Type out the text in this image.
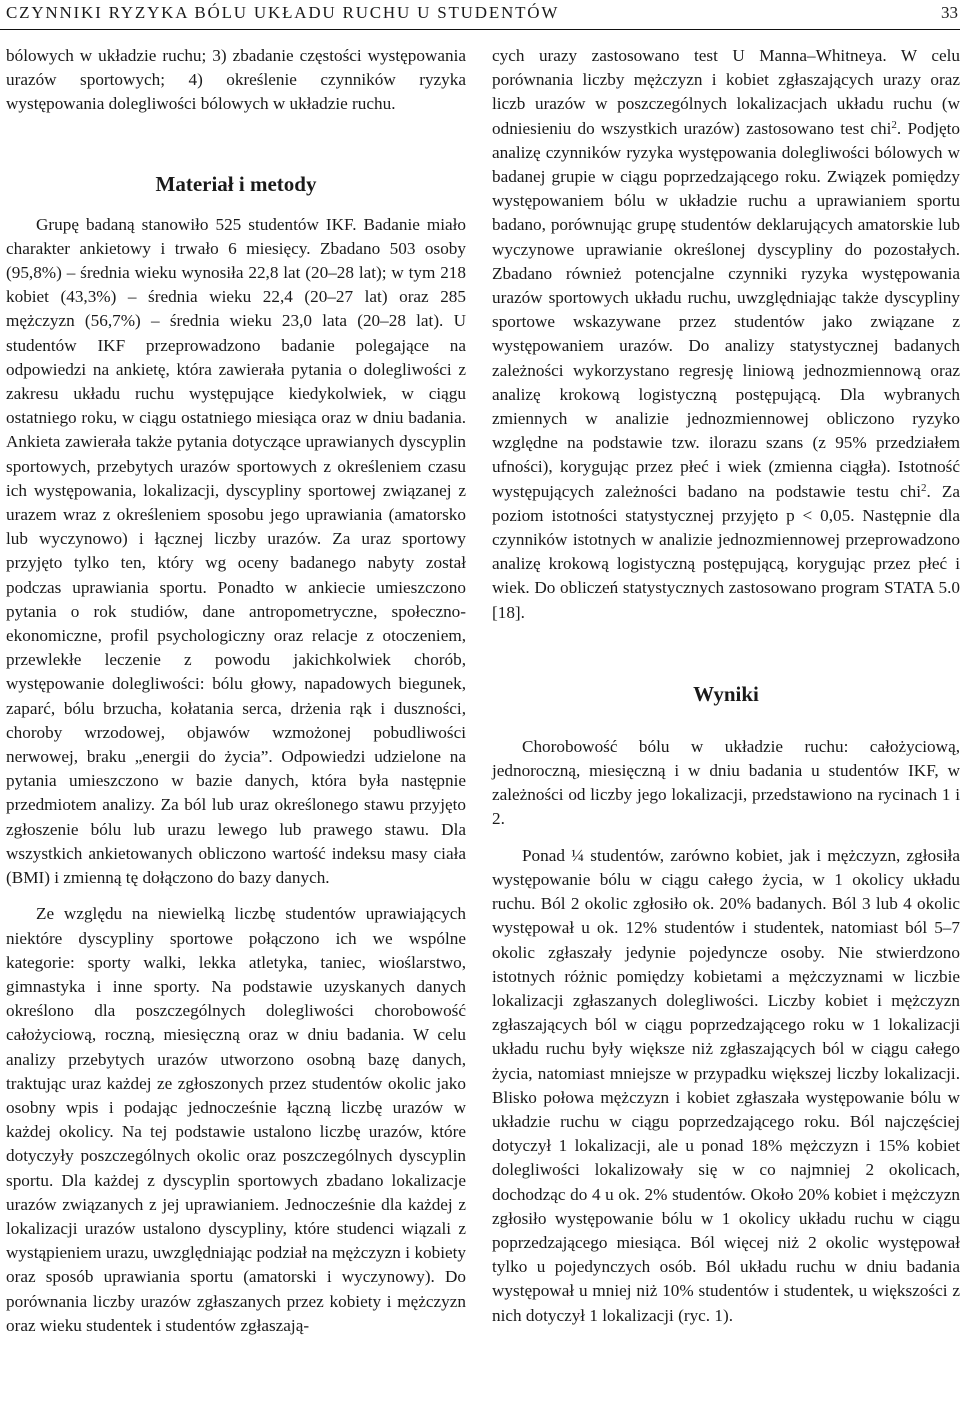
CZYNNIKI RYZYKA BÓLU UKŁADU RUCHU U STUDENTÓW	33

bólowych w układzie ruchu; 3) zbadanie częstości występowania urazów sportowych; 4) określenie czynników ryzyka występowania dolegliwości bólowych w układzie ruchu.

Materiał i metody

Grupę badaną stanowiło 525 studentów IKF. Badanie miało charakter ankietowy i trwało 6 miesięcy. Zbadano 503 osoby (95,8%) – średnia wieku wynosiła 22,8 lat (20–28 lat); w tym 218 kobiet (43,3%) – średnia wieku 22,4 (20–27 lat) oraz 285 mężczyzn (56,7%) – średnia wieku 23,0 lata (20–28 lat). U studentów IKF przeprowadzono badanie polegające na odpowiedzi na ankietę, która zawierała pytania o dolegliwości z zakresu układu ruchu występujące kiedykolwiek, w ciągu ostatniego roku, w ciągu ostatniego miesiąca oraz w dniu badania. Ankieta zawierała także pytania dotyczące uprawianych dyscyplin sportowych, przebytych urazów sportowych z określeniem czasu ich występowania, lokalizacji, dyscypliny sportowej związanej z urazem wraz z określeniem sposobu jego uprawiania (amatorsko lub wyczynowo) i łącznej liczby urazów. Za uraz sportowy przyjęto tylko ten, który wg oceny badanego nabyty został podczas uprawiania sportu. Ponadto w ankiecie umieszczono pytania o rok studiów, dane antropometryczne, społeczno-ekonomiczne, profil psychologiczny oraz relacje z otoczeniem, przewlekłe leczenie z powodu jakichkolwiek chorób, występowanie dolegliwości: bólu głowy, napadowych biegunek, zaparć, bólu brzucha, kołatania serca, drżenia rąk i duszności, choroby wrzodowej, objawów wzmożonej pobudliwości nerwowej, braku „energii do życia”. Odpowiedzi udzielone na pytania umieszczono w bazie danych, która była następnie przedmiotem analizy. Za ból lub uraz określonego stawu przyjęto zgłoszenie bólu lub urazu lewego lub prawego stawu. Dla wszystkich ankietowanych obliczono wartość indeksu masy ciała (BMI) i zmienną tę dołączono do bazy danych.

Ze względu na niewielką liczbę studentów uprawiających niektóre dyscypliny sportowe połączono ich we wspólne kategorie: sporty walki, lekka atletyka, taniec, wioślarstwo, gimnastyka i inne sporty. Na podstawie uzyskanych danych określono dla poszczególnych dolegliwości chorobowość całożyciową, roczną, miesięczną oraz w dniu badania. W celu analizy przebytych urazów utworzono osobną bazę danych, traktując uraz każdej ze zgłoszonych przez studentów okolic jako osobny wpis i podając jednocześnie łączną liczbę urazów w każdej okolicy. Na tej podstawie ustalono liczbę urazów, które dotyczyły poszczególnych okolic oraz poszczególnych dyscyplin sportu. Dla każdej z dyscyplin sportowych zbadano lokalizacje urazów związanych z jej uprawianiem. Jednocześnie dla każdej z lokalizacji urazów ustalono dyscypliny, które studenci wiązali z wystąpieniem urazu, uwzględniając podział na mężczyzn i kobiety oraz sposób uprawiania sportu (amatorski i wyczynowy). Do porównania liczby urazów zgłaszanych przez kobiety i mężczyzn oraz wieku studentek i studentów zgłaszają-

cych urazy zastosowano test U Manna–Whitneya. W celu porównania liczby mężczyzn i kobiet zgłaszających urazy oraz liczb urazów w poszczególnych lokalizacjach układu ruchu (w odniesieniu do wszystkich urazów) zastosowano test chi$^2$. Podjęto analizę czynników ryzyka występowania dolegliwości bólowych w badanej grupie w ciągu poprzedzającego roku. Związek pomiędzy występowaniem bólu w układzie ruchu a uprawianiem sportu badano, porównując grupę studentów deklarujących amatorskie lub wyczynowe uprawianie określonej dyscypliny do pozostałych. Zbadano również potencjalne czynniki ryzyka występowania urazów sportowych układu ruchu, uwzględniając także dyscypliny sportowe wskazywane przez studentów jako związane z występowaniem urazów. Do analizy statystycznej badanych zależności wykorzystano regresję liniową jednozmiennową oraz analizę krokową logistyczną postępującą. Dla wybranych zmiennych w analizie jednozmiennowej obliczono ryzyko względne na podstawie tzw. ilorazu szans (z 95% przedziałem ufności), korygując przez płeć i wiek (zmienna ciągła). Istotność występujących zależności badano na podstawie testu chi$^2$. Za poziom istotności statystycznej przyjęto p < 0,05. Następnie dla czynników istotnych w analizie jednozmiennowej przeprowadzono analizę krokową logistyczną postępującą, korygując przez płeć i wiek. Do obliczeń statystycznych zastosowano program STATA 5.0 [18].

Wyniki

Chorobowość bólu w układzie ruchu: całożyciową, jednoroczną, miesięczną i w dniu badania u studentów IKF, w zależności od liczby jego lokalizacji, przedstawiono na rycinach 1 i 2.

Ponad ¼ studentów, zarówno kobiet, jak i mężczyzn, zgłosiła występowanie bólu w ciągu całego życia, w 1 okolicy układu ruchu. Ból 2 okolic zgłosiło ok. 20% badanych. Ból 3 lub 4 okolic występował u ok. 12% studentów i studentek, natomiast ból 5–7 okolic zgłaszały jedynie pojedyncze osoby. Nie stwierdzono istotnych różnic pomiędzy kobietami a mężczyznami w liczbie lokalizacji zgłaszanych dolegliwości. Liczby kobiet i mężczyzn zgłaszających ból w ciągu poprzedzającego roku w 1 lokalizacji układu ruchu były większe niż zgłaszających ból w ciągu całego życia, natomiast mniejsze w przypadku większej liczby lokalizacji. Blisko połowa mężczyzn i kobiet zgłaszała występowanie bólu w układzie ruchu w ciągu poprzedzającego roku. Ból najczęściej dotyczył 1 lokalizacji, ale u ponad 18% mężczyzn i 15% kobiet dolegliwości lokalizowały się w co najmniej 2 okolicach, dochodząc do 4 u ok. 2% studentów. Około 20% kobiet i mężczyzn zgłosiło występowanie bólu w 1 okolicy układu ruchu w ciągu poprzedzającego miesiąca. Ból więcej niż 2 okolic występował tylko u pojedynczych osób. Ból układu ruchu w dniu badania występował u mniej niż 10% studentów i studentek, u większości z nich dotyczył 1 lokalizacji (ryc. 1).
